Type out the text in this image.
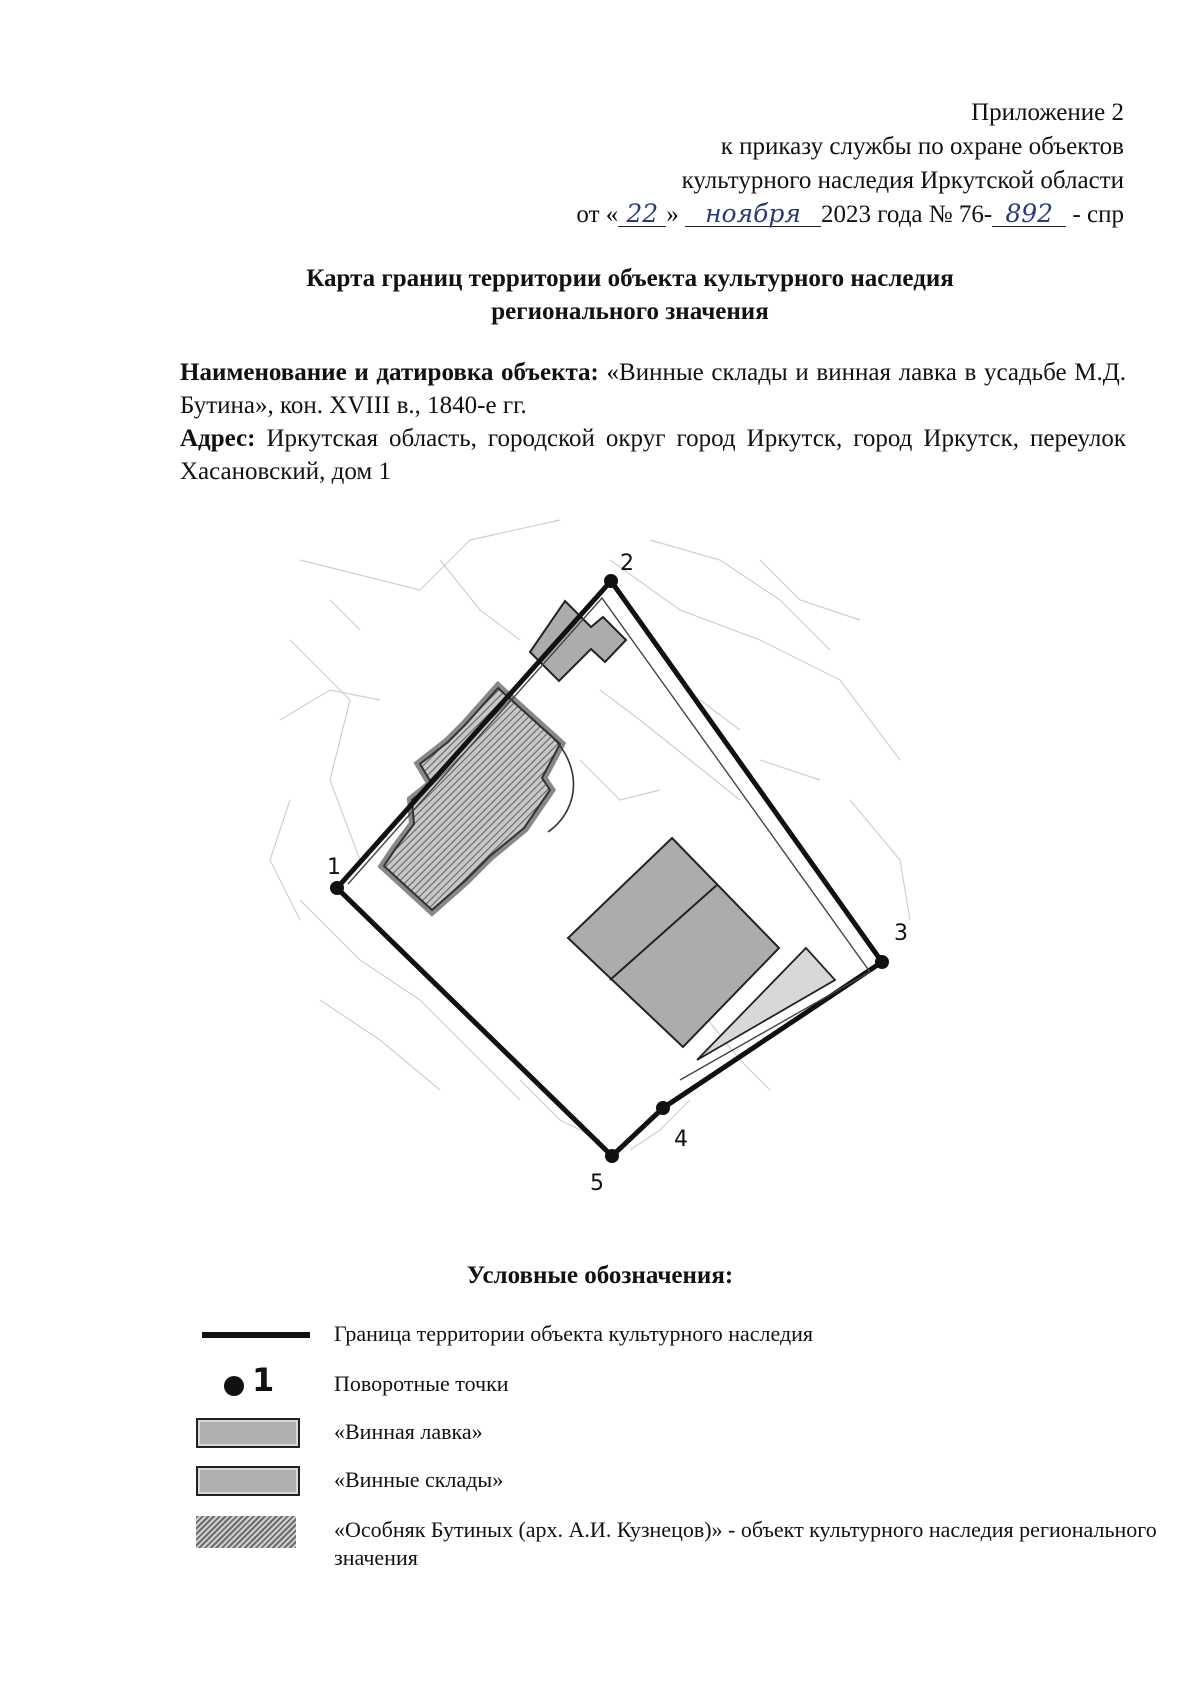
Приложение 2
к приказу службы по охране объектов
культурного наследия Иркутской области
от « 22 » ноября 2023 года № 76- 892 - спр
Карта границ территории объекта культурного наследия
регионального значения

Наименование и датировка объекта: «Винные склады и винная лавка в усадьбе М.Д. Бутина», кон. XVIII в., 1840-е гг.

Адрес: Иркутская область, городской округ город Иркутск, город Иркутск, переулок Хасановский, дом 1

1
2
3
4
5
Условные обозначения:
Граница территории объекта культурного наследия
1	Поворотные точки
«Винная лавка»
«Винные склады»
«Особняк Бутиных (арх. А.И. Кузнецов)» - объект культурного наследия регионального значения
